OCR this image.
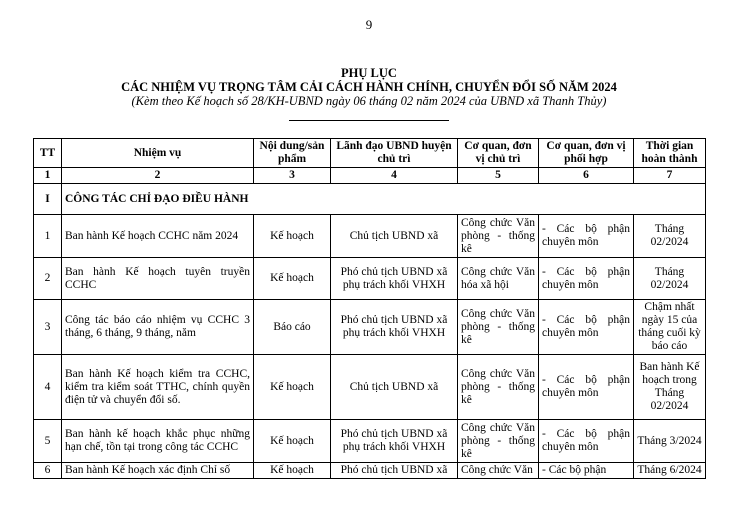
9
PHỤ LỤC
CÁC NHIỆM VỤ TRỌNG TÂM CẢI CÁCH HÀNH CHÍNH, CHUYỂN ĐỔI SỐ NĂM 2024
(Kèm theo Kế hoạch số 28/KH-UBND ngày 06 tháng 02 năm 2024 của UBND xã Thanh Thủy)
TT	Nhiệm vụ	Nội dung/sản phẩm	Lãnh đạo UBND huyện chủ trì	Cơ quan, đơn vị chủ trì	Cơ quan, đơn vị phối hợp	Thời gian hoàn thành
1	2	3	4	5	6	7
I	CÔNG TÁC CHỈ ĐẠO ĐIỀU HÀNH					
1	Ban hành Kế hoạch CCHC năm 2024	Kế hoạch	Chủ tịch UBND xã	Công chức Văn phòng - thống kê	- Các bộ phận chuyên môn	Tháng 02/2024
2	Ban hành Kế hoạch tuyên truyền CCHC	Kế hoạch	Phó chủ tịch UBND xã phụ trách khối VHXH	Công chức Văn hóa xã hội	- Các bộ phận chuyên môn	Tháng 02/2024
3	Công tác báo cáo nhiệm vụ CCHC 3 tháng, 6 tháng, 9 tháng, năm	Báo cáo	Phó chủ tịch UBND xã phụ trách khối VHXH	Công chức Văn phòng - thống kê	- Các bộ phận chuyên môn	Chậm nhất ngày 15 của tháng cuối kỳ báo cáo
4	Ban hành Kế hoạch kiểm tra CCHC, kiểm tra kiểm soát TTHC, chính quyền điện tử và chuyển đổi số.	Kế hoạch	Chủ tịch UBND xã	Công chức Văn phòng - thống kê	- Các bộ phận chuyên môn	Ban hành Kế hoạch trong Tháng 02/2024
5	Ban hành kế hoạch khắc phục những hạn chế, tồn tại trong công tác CCHC	Kế hoạch	Phó chủ tịch UBND xã phụ trách khối VHXH	Công chức Văn phòng - thống kê	- Các bộ phận chuyên môn	Tháng 3/2024
6	Ban hành Kế hoạch xác định Chỉ số	Kế hoạch	Phó chủ tịch UBND xã	Công chức Văn	- Các bộ phận	Tháng 6/2024
